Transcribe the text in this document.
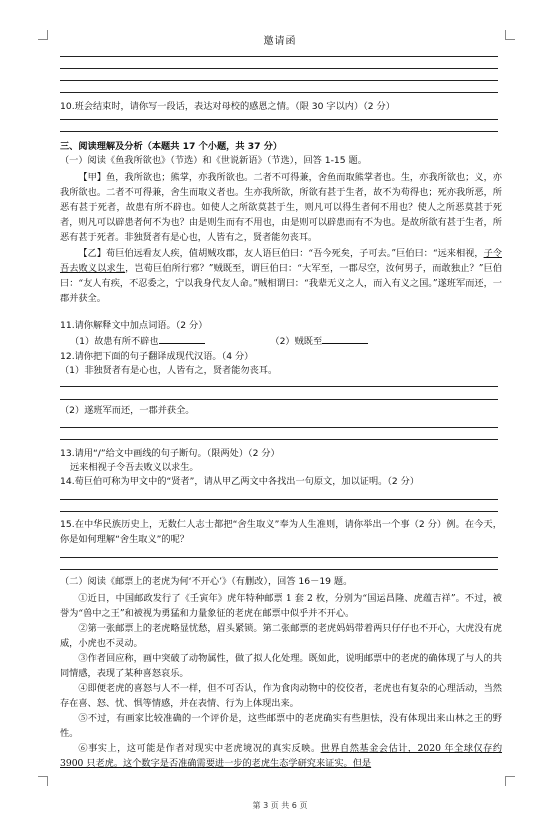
邀请函
10.班会结束时，请你写一段话，表达对母校的感恩之情。（限 30 字以内）（2 分）
三、阅读理解及分析（本题共 17 个小题，共 37 分）
（一）阅读《鱼我所欲也》（节选）和《世说新语》（节选），回答 1-15 题。

【甲】鱼，我所欲也；熊掌，亦我所欲也。二者不可得兼，舍鱼而取熊掌者也。生，亦我所欲也；义，亦我所欲也。二者不可得兼，舍生而取义者也。生亦我所欲，所欲有甚于生者，故不为苟得也；死亦我所恶，所恶有甚于死者，故患有所不辟也。如使人之所欲莫甚于生，则凡可以得生者何不用也？使人之所恶莫甚于死者，则凡可以辟患者何不为也？由是则生而有不用也，由是则可以辟患而有不为也。是故所欲有甚于生者，所恶有甚于死者。非独贤者有是心也，人皆有之，贤者能勿丧耳。

【乙】荀巨伯远看友人疾，值胡贼攻郡，友人语巨伯曰：“吾今死矣，子可去。”巨伯曰：“远来相视，子令吾去败义以求生，岂荀巨伯所行邪？”贼既至，谓巨伯曰：“大军至，一郡尽空，汝何男子，而敢独止？”巨伯曰：“友人有疾，不忍委之，宁以我身代友人命。”贼相谓曰：“我辈无义之人，而入有义之国。”遂班军而还，一郡并获全。

11.请你解释文中加点词语。（2 分）
（1）故患有所不辟也	（2）贼既至
12.请你把下面的句子翻译成现代汉语。（4 分）
（1）非独贤者有是心也，人皆有之，贤者能勿丧耳。
（2）遂班军而还，一郡并获全。
13.请用“/”给文中画线的句子断句。（限两处）（2 分）
远来相视子令吾去败义以求生。
14.荀巨伯可称为甲文中的“贤者”，请从甲乙两文中各找出一句原文，加以证明。（2 分）

15.在中华民族历史上，无数仁人志士都把“舍生取义”奉为人生准则，请你举出一个事（2 分）例。在今天，你是如何理解“舍生取义”的呢？

（二）阅读《邮票上的老虎为何‘不开心’》（有删改），回答 16－19 题。

①近日，中国邮政发行了《壬寅年》虎年特种邮票 1 套 2 枚，分别为“国运昌隆、虎蕴吉祥”。不过，被誉为“兽中之王”和被视为勇猛和力量象征的老虎在邮票中似乎并不开心。

②第一张邮票上的老虎略显忧愁，眉头紧锁。第二张邮票的老虎妈妈带着两只仔仔也不开心，大虎没有虎威，小虎也不灵动。

③作者回应称，画中突破了动物属性，做了拟人化处理。既如此，说明邮票中的老虎的确体现了与人的共同情感，表现了某种喜怒哀乐。

④即便老虎的喜怒与人不一样，但不可否认，作为食肉动物中的佼佼者，老虎也有复杂的心理活动，当然存在喜、怒、忧、惧等情感，并在表情、行为上体现出来。

⑤不过，有画家比较准确的一个评价是，这些邮票中的老虎确实有些胆怯，没有体现出来山林之王的野性。

⑥事实上，这可能是作者对现实中老虎境况的真实反映。世界自然基金会估计，2020 年全球仅存约 3900 只老虎。这个数字是否准确需要进一步的老虎生态学研究来证实。但是

第 3 页 共 6 页
